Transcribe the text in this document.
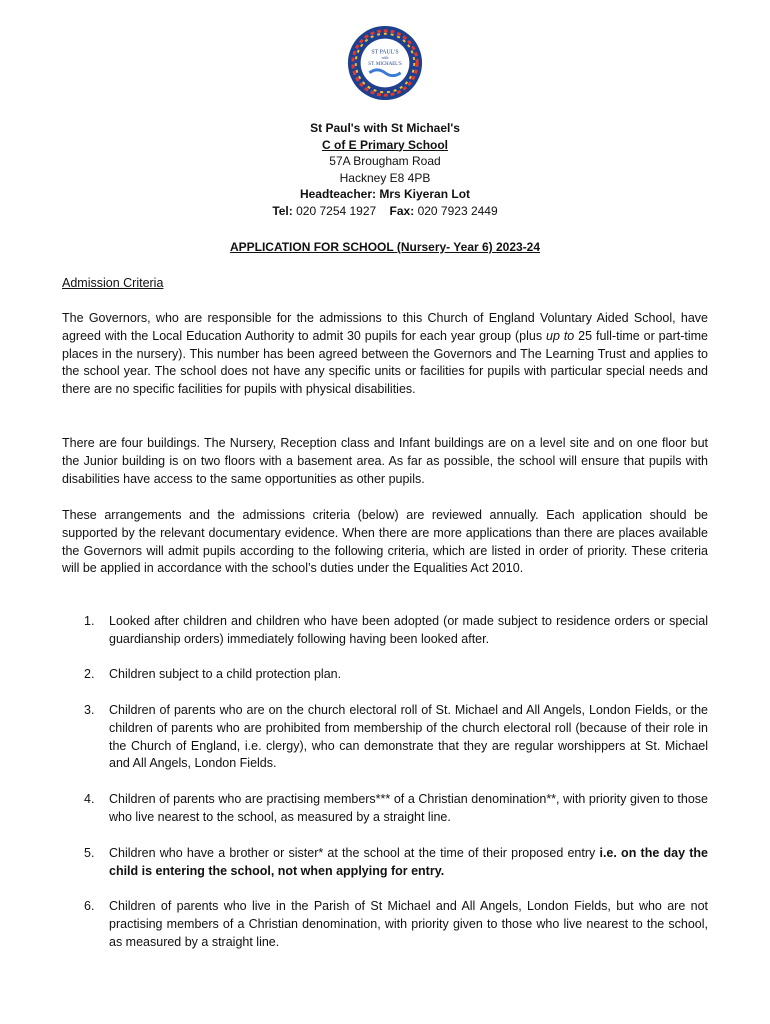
ST PAUL'S
with
ST. MICHAEL'S
St Paul's with St Michael's
C of E Primary School
57A Brougham Road
Hackney E8 4PB
Headteacher: Mrs Kiyeran Lot
Tel: 020 7254 1927 Fax: 020 7923 2449
APPLICATION FOR SCHOOL (Nursery- Year 6) 2023-24
Admission Criteria

The Governors, who are responsible for the admissions to this Church of England Voluntary Aided School, have agreed with the Local Education Authority to admit 30 pupils for each year group (plus up to 25 full-time or part-time places in the nursery). This number has been agreed between the Governors and The Learning Trust and applies to the school year. The school does not have any specific units or facilities for pupils with particular special needs and there are no specific facilities for pupils with physical disabilities.

There are four buildings. The Nursery, Reception class and Infant buildings are on a level site and on one floor but the Junior building is on two floors with a basement area. As far as possible, the school will ensure that pupils with disabilities have access to the same opportunities as other pupils.

These arrangements and the admissions criteria (below) are reviewed annually. Each application should be supported by the relevant documentary evidence. When there are more applications than there are places available the Governors will admit pupils according to the following criteria, which are listed in order of priority. These criteria will be applied in accordance with the school’s duties under the Equalities Act 2010.

1.	Looked after children and children who have been adopted (or made subject to residence orders or special guardianship orders) immediately following having been looked after.
2.	Children subject to a child protection plan.
3.	Children of parents who are on the church electoral roll of St. Michael and All Angels, London Fields, or the children of parents who are prohibited from membership of the church electoral roll (because of their role in the Church of England, i.e. clergy), who can demonstrate that they are regular worshippers at St. Michael and All Angels, London Fields.
4.	Children of parents who are practising members*** of a Christian denomination**, with priority given to those who live nearest to the school, as measured by a straight line.
5.	Children who have a brother or sister* at the school at the time of their proposed entry i.e. on the day the child is entering the school, not when applying for entry.
6.	Children of parents who live in the Parish of St Michael and All Angels, London Fields, but who are not practising members of a Christian denomination, with priority given to those who live nearest to the school, as measured by a straight line.
